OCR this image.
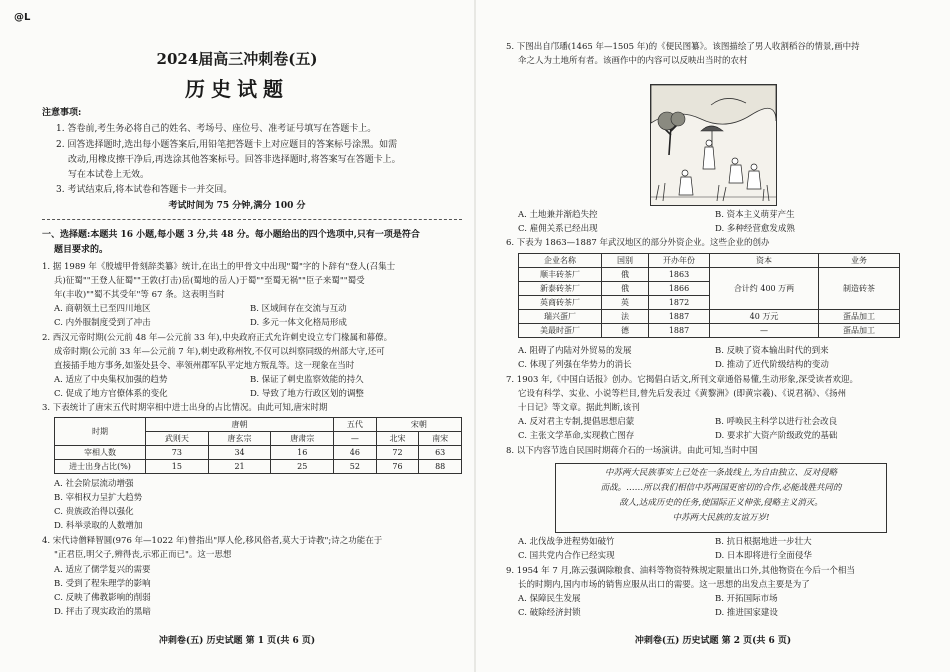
@L
2024届高三冲刺卷(五)
历史试题
注意事项:
1. 答卷前,考生务必将自己的姓名、考场号、座位号、准考证号填写在答题卡上。
2. 回答选择题时,选出每小题答案后,用铅笔把答题卡上对应题目的答案标号涂黑。如需
改动,用橡皮擦干净后,再选涂其他答案标号。回答非选择题时,将答案写在答题卡上。
写在本试卷上无效。
3. 考试结束后,将本试卷和答题卡一并交回。
考试时间为 75 分钟,满分 100 分
一、选择题:本题共 16 小题,每小题 3 分,共 48 分。每小题给出的四个选项中,只有一项是符合
题目要求的。
1. 据 1989 年《殷墟甲骨刻辞类纂》统计,在出土的甲骨文中出现"蜀"字的卜辞有"登人(召集士
兵)征蜀""王登人征蜀""王敦(打击)岳(蜀地的岳人)于蜀""至蜀无祸""臣子来蜀""蜀受
年(丰收)""蜀不其受年"等 67 条。这表明当时
A. 商朝领土已至四川地区	B. 区域间存在交流与互动
C. 内外服制度受到了冲击	D. 多元一体文化格局形成
2. 西汉元帝时期(公元前 48 年—公元前 33 年),中央政府正式允许刺史设立专门椽属和幕僚。
成帝时期(公元前 33 年—公元前 7 年),刺史政称州牧,不仅可以纠察同级的州部大守,还可
直接插手地方事务,如鉴处县令、率领州郡军队平定地方叛乱等。这一现象在当时
A. 适应了中央集权加强的趋势	B. 保证了刺史监察效能的持久
C. 促成了地方官僚体系的变化	D. 导致了地方行政区划的调整
3. 下表统计了唐宋五代时期宰相中进士出身的占比情况。由此可知,唐宋时期
时期	唐朝			五代	宋朝	
	武则天	唐玄宗	唐肃宗	—	北宋	南宋
宰相人数	73	34	16	46	72	63
进士出身占比(%)	15	21	25	52	76	88
A. 社会阶层流动增强
B. 宰相权力呈扩大趋势
C. 贵族政治得以强化
D. 科举录取的人数增加
4. 宋代诗僧释智圆(976 年—1022 年)曾指出"厚人伦,移风俗者,莫大于诗教";诗之功能在于
"正君臣,明父子,辨得丧,示邪正而已"。这一思想
A. 适应了儒学复兴的需要
B. 受到了程朱理学的影响
C. 反映了佛教影响的削弱
D. 抨击了现实政治的黑暗
冲刺卷(五) 历史试题 第 1 页(共 6 页)
5. 下图出自邝璠(1465 年—1505 年)的《便民图纂》。该图描绘了男人收割稻谷的情景,画中持
伞之人为土地所有者。该画作中的内容可以反映出当时的农村
A. 土地兼并渐趋失控	B. 资本主义萌芽产生
C. 雇佣关系已经出现	D. 多种经营愈发成熟
6. 下表为 1863—1887 年武汉地区的部分外资企业。这些企业的创办
企业名称	国别	开办年份	资本	业务
顺丰砖茶厂	俄	1863	合计约 400 万两	制造砖茶
新泰砖茶厂	俄	1866		
英商砖茶厂	英	1872		
瑞兴蛋厂	法	1887	40 万元	蛋品加工
美最时蛋厂	德	1887	—	蛋品加工
A. 阻碍了内陆对外贸易的发展	B. 反映了资本输出时代的到来
C. 体现了列强在华势力的消长	D. 推动了近代阶级结构的变动
7. 1903 年,《中国白话报》创办。它揭倡白话文,所刊文章通俗易懂,生动形象,深受读者欢迎。
它设有科学、实业、小说等栏目,曾先后发表过《黄黎洲》(即黄宗羲)、《说君祸》、《扬州
十日记》等文章。据此判断,该刊
A. 反对君主专制,提倡思想启蒙	B. 呼唤民主科学以进行社会改良
C. 主张文学革命,实现救亡图存	D. 要求扩大资产阶级政党的基础
8. 以下内容节选自民国时期蒋介石的一场演讲。由此可知,当时中国
中苏两大民族事实上已处在一条战线上,为自由独立、反对侵略
而战。……所以我们相信中苏两国更密切的合作,必能战胜共同的
敌人,达成历史的任务,使国际正义伸张,侵略主义消灭。
中苏两大民族的友谊万岁!
A. 北伐战争进程势如破竹	B. 抗日根据地进一步壮大
C. 国共党内合作已经实现	D. 日本即将进行全面侵华
9. 1954 年 7 月,陈云强调除粮食、油料等物资特殊规定限量出口外,其他物资在今后一个相当
长的时期内,国内市场的销售应服从出口的需要。这一思想的出发点主要是为了
A. 保障民生发展	B. 开拓国际市场
C. 破除经济封锁	D. 推进国家建设
冲刺卷(五) 历史试题 第 2 页(共 6 页)
